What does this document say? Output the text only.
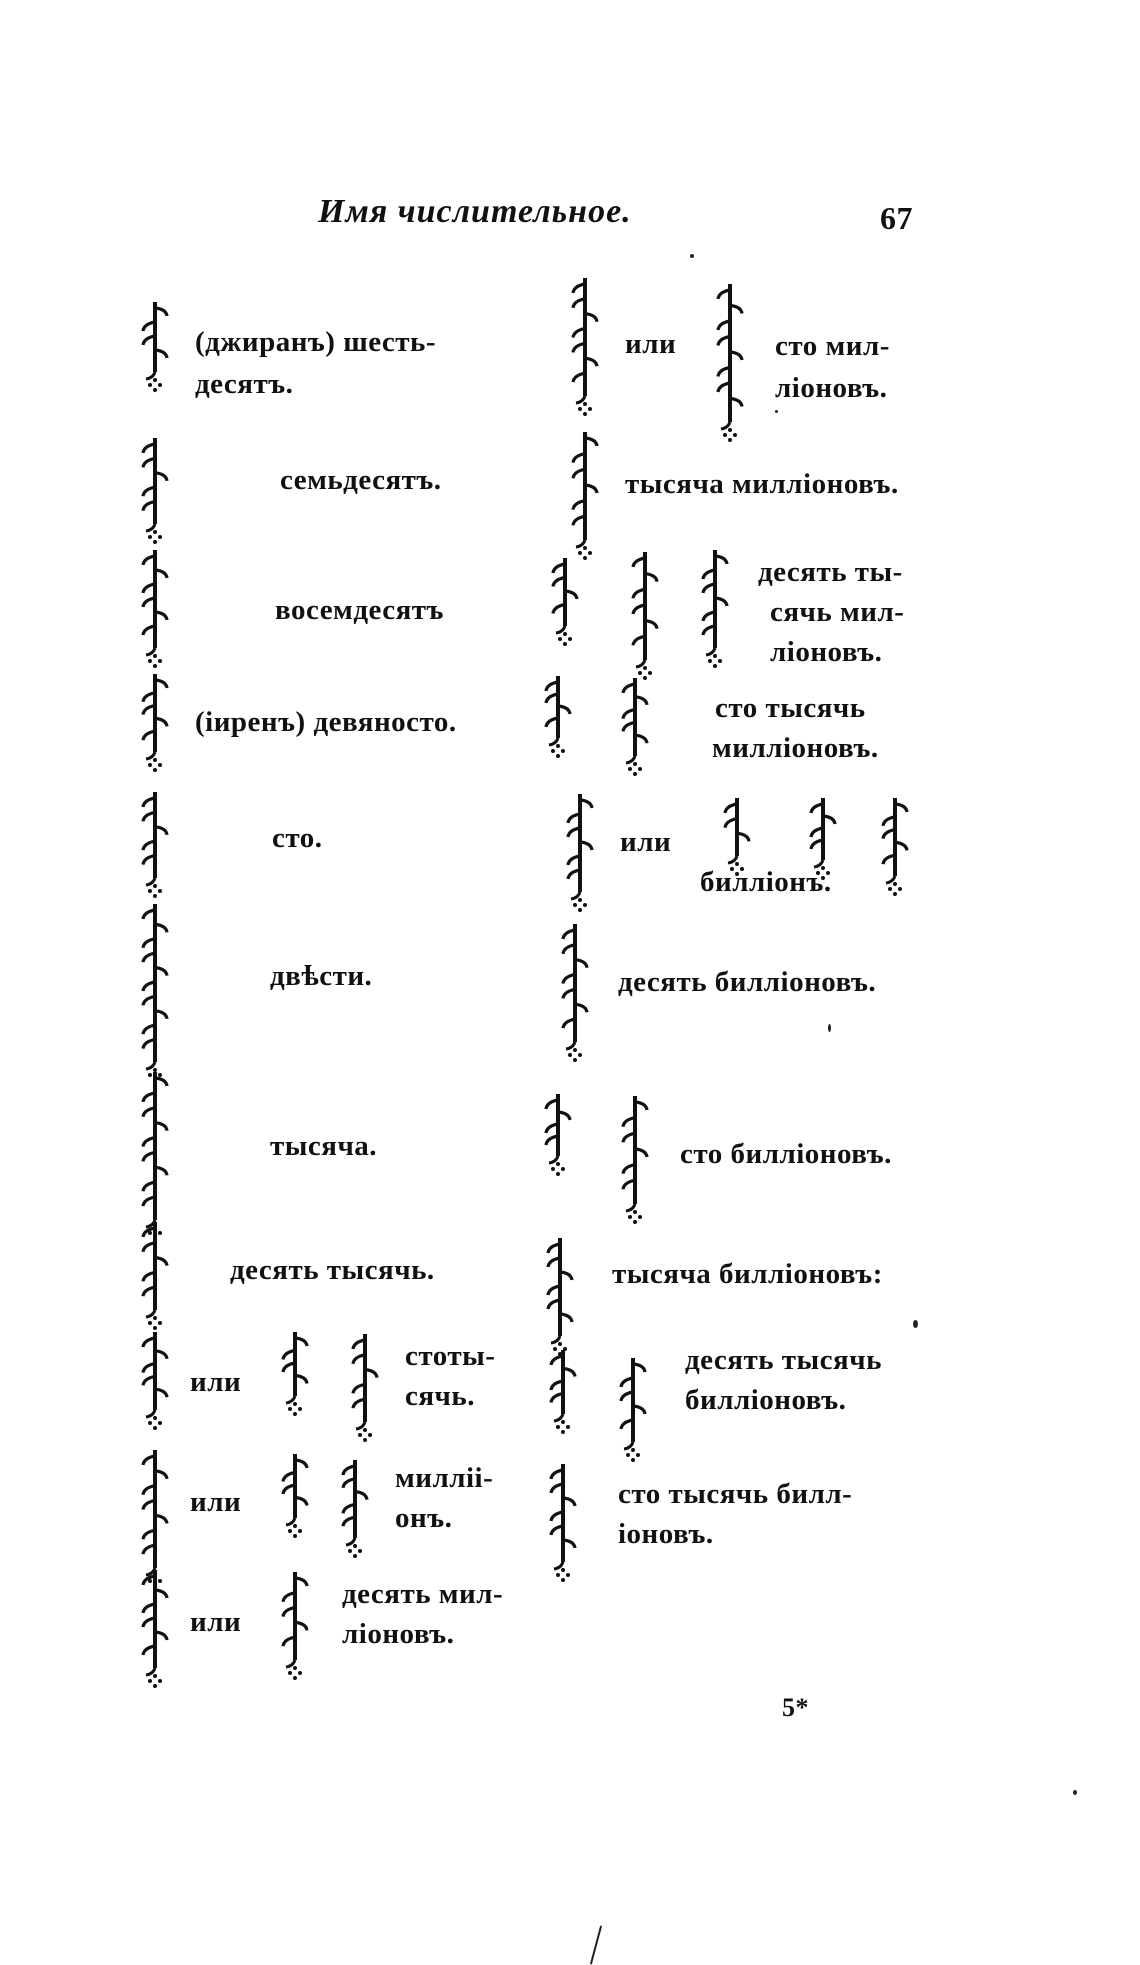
Имя числительное.	67
(джиранъ) шесть-
десятъ.
семьдесятъ.
восемдесятъ
(іиренъ) девяносто.
сто.
двѣсти.
тысяча.
десять тысячь.
или
стоты-
сячь.
или
милліі-
онъ.
или
десять мил-
лiоновъ.
или	сто мил-
лiоновъ.
тысяча милліоновъ.
десять ты-
сячь мил-
лiоновъ.
сто тысячь
милліоновъ.
или
билліонъ.
десять билліоновъ.
сто билліоновъ.
тысяча билліоновъ:
десять тысячь
билліоновъ.
сто тысячь билл-
iоновъ.
5*
